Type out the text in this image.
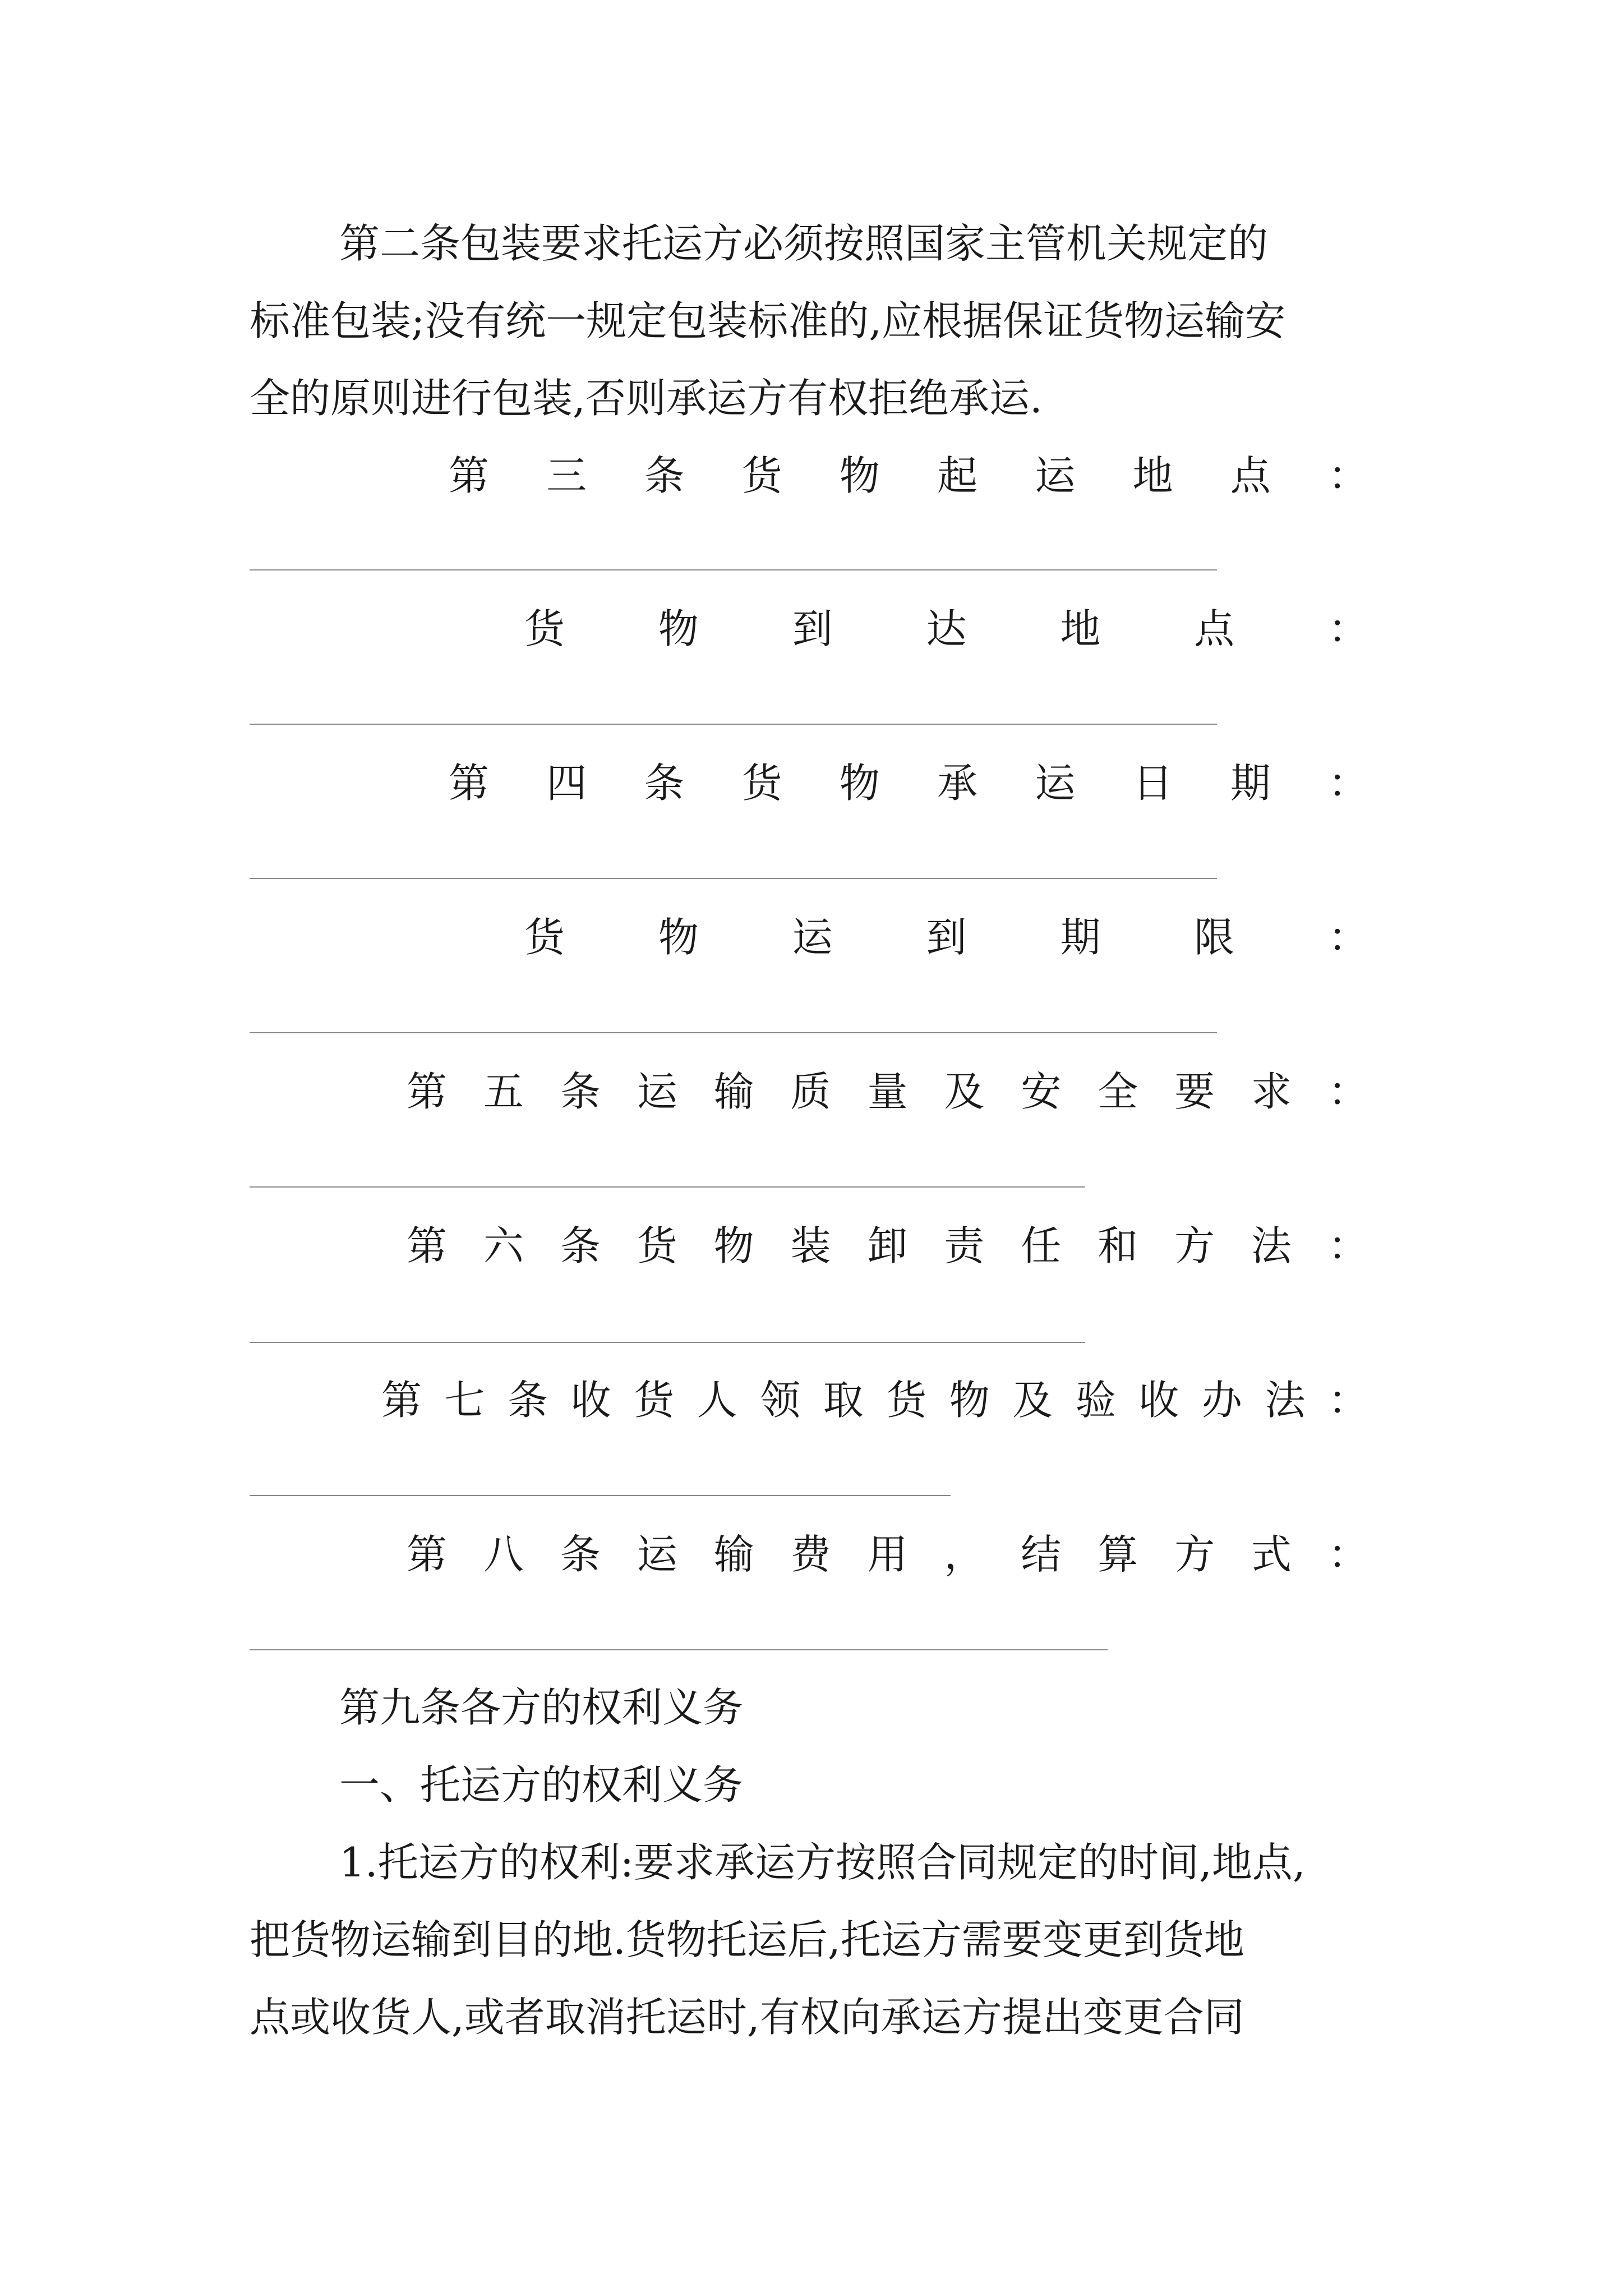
第二条包装要求托运方必须按照国家主管机关规定的
标准包装;没有统一规定包装标准的,应根据保证货物运输安
全的原则进行包装,否则承运方有权拒绝承运.
第 三 条 货 物 起 运 地 点 ：
货 物 到 达 地 点 ：
第 四 条 货 物 承 运 日 期 ：
货 物 运 到 期 限 ：
第 五 条 运 输 质 量 及 安 全 要 求 ：
第 六 条 货 物 装 卸 责 任 和 方 法 ：
第 七 条 收 货 人 领 取 货 物 及 验 收 办 法 ：
第 八 条 运 输 费 用 ， 结 算 方 式 ：
第九条各方的权利义务
一、托运方的权利义务
1.托运方的权利:要求承运方按照合同规定的时间,地点,
把货物运输到目的地.货物托运后,托运方需要变更到货地
点或收货人,或者取消托运时,有权向承运方提出变更合同
